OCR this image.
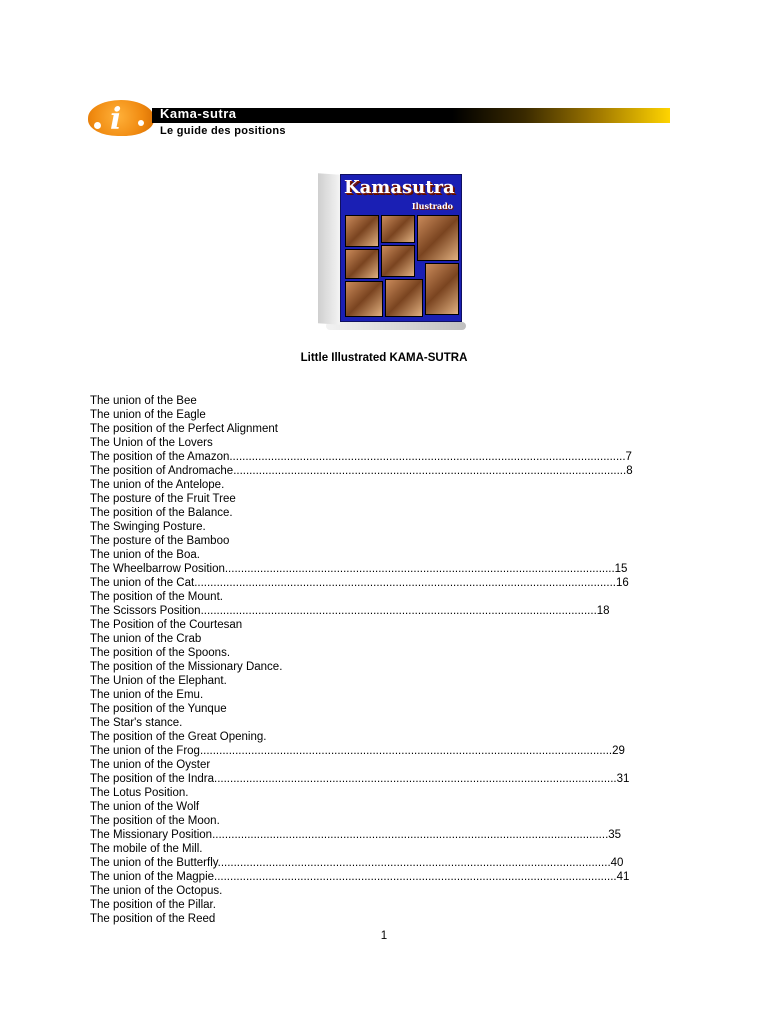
i	Kama-sutra
Le guide des positions
Kamasutra
Ilustrado
Little Illustrated KAMA-SUTRA
The union of the Bee
The union of the Eagle
The position of the Perfect Alignment
The Union of the Lovers
The position of the Amazon............................................................................................................................7
The position of Andromache...........................................................................................................................8
The union of the Antelope.
The posture of the Fruit Tree
The position of the Balance.
The Swinging Posture.
The posture of the Bamboo
The union of the Boa.
The Wheelbarrow Position..........................................................................................................................15
The union of the Cat....................................................................................................................................16
The position of the Mount.
The Scissors Position............................................................................................................................18
The Position of the Courtesan
The union of the Crab
The position of the Spoons.
The position of the Missionary Dance.
The Union of the Elephant.
The union of the Emu.
The position of the Yunque
The Star's stance.
The position of the Great Opening.
The union of the Frog.................................................................................................................................29
The union of the Oyster
The position of the Indra..............................................................................................................................31
The Lotus Position.
The union of the Wolf
The position of the Moon.
The Missionary Position............................................................................................................................35
The mobile of the Mill.
The union of the Butterfly...........................................................................................................................40
The union of the Magpie..............................................................................................................................41
The union of the Octopus.
The position of the Pillar.
The position of the Reed
1
